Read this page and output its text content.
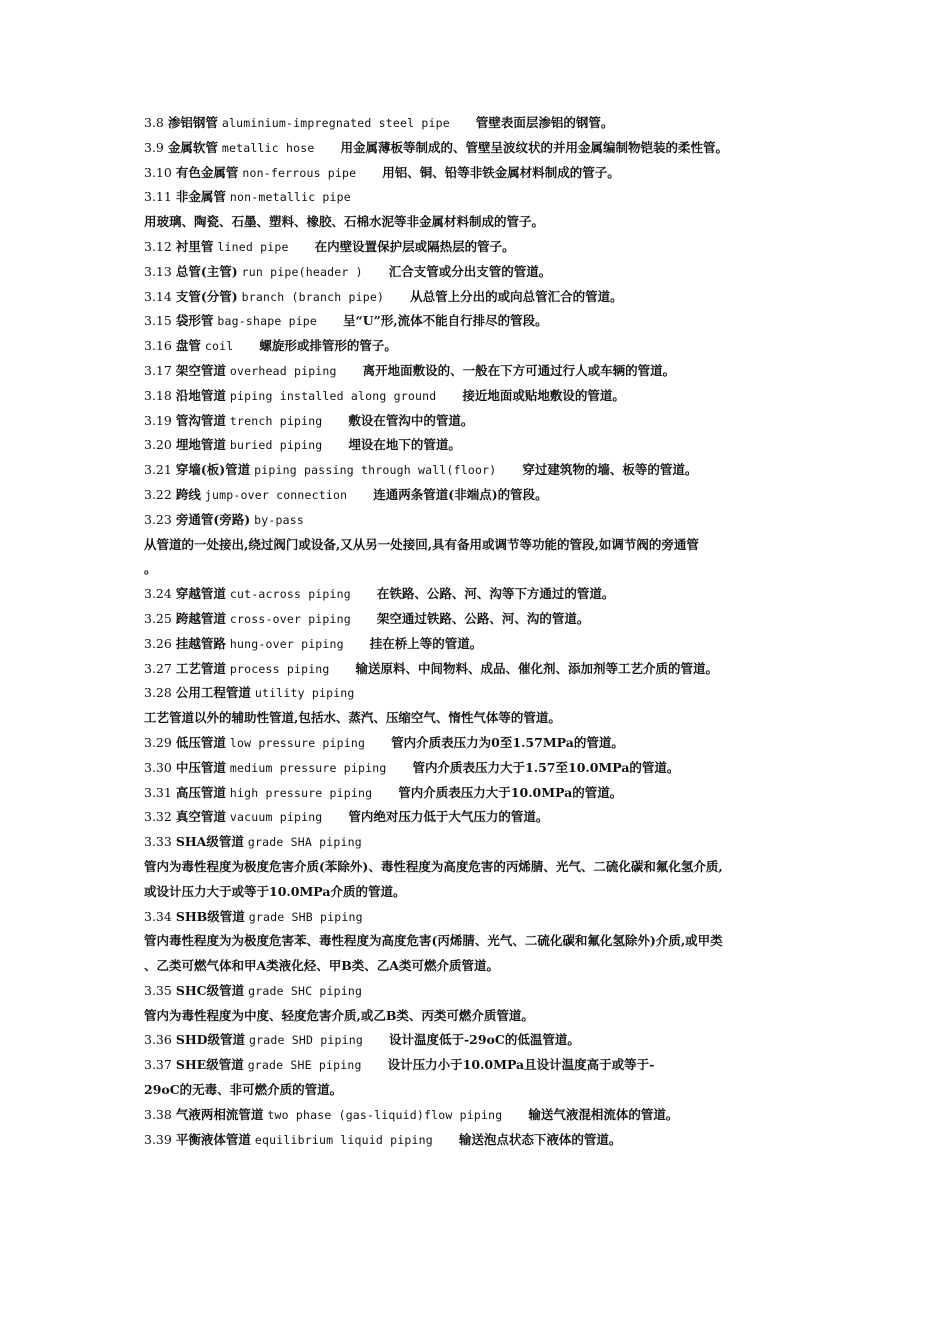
3.8 渗铝钢管 aluminium-impregnated steel pipe 管壁表面层渗铝的钢管。
3.9 金属软管 metallic hose 用金属薄板等制成的、管壁呈波纹状的并用金属编制物铠装的柔性管。
3.10 有色金属管 non-ferrous pipe 用铝、铜、铅等非铁金属材料制成的管子。
3.11 非金属管 non-metallic pipe
用玻璃、陶瓷、石墨、塑料、橡胶、石棉水泥等非金属材料制成的管子。
3.12 衬里管 lined pipe 在内壁设置保护层或隔热层的管子。
3.13 总管(主管) run pipe(header ) 汇合支管或分出支管的管道。
3.14 支管(分管) branch (branch pipe) 从总管上分出的或向总管汇合的管道。
3.15 袋形管 bag-shape pipe 呈“U”形,流体不能自行排尽的管段。
3.16 盘管 coil 螺旋形或排管形的管子。
3.17 架空管道 overhead piping 离开地面敷设的、一般在下方可通过行人或车辆的管道。
3.18 沿地管道 piping installed along ground 接近地面或贴地敷设的管道。
3.19 管沟管道 trench piping 敷设在管沟中的管道。
3.20 埋地管道 buried piping 埋设在地下的管道。
3.21 穿墙(板)管道 piping passing through wall(floor) 穿过建筑物的墙、板等的管道。
3.22 跨线 jump-over connection 连通两条管道(非端点)的管段。
3.23 旁通管(旁路) by-pass
从管道的一处接出,绕过阀门或设备,又从另一处接回,具有备用或调节等功能的管段,如调节阀的旁通管
。
3.24 穿越管道 cut-across piping 在铁路、公路、河、沟等下方通过的管道。
3.25 跨越管道 cross-over piping 架空通过铁路、公路、河、沟的管道。
3.26 挂越管路 hung-over piping 挂在桥上等的管道。
3.27 工艺管道 process piping 输送原料、中间物料、成品、催化剂、添加剂等工艺介质的管道。
3.28 公用工程管道 utility piping
工艺管道以外的辅助性管道,包括水、蒸汽、压缩空气、惰性气体等的管道。
3.29 低压管道 low pressure piping 管内介质表压力为0至1.57MPa的管道。
3.30 中压管道 medium pressure piping 管内介质表压力大于1.57至10.0MPa的管道。
3.31 高压管道 high pressure piping 管内介质表压力大于10.0MPa的管道。
3.32 真空管道 vacuum piping 管内绝对压力低于大气压力的管道。
3.33 SHA级管道 grade SHA piping
管内为毒性程度为极度危害介质(苯除外)、毒性程度为高度危害的丙烯腈、光气、二硫化碳和氟化氢介质,
或设计压力大于或等于10.0MPa介质的管道。
3.34 SHB级管道 grade SHB piping
管内毒性程度为为极度危害苯、毒性程度为高度危害(丙烯腈、光气、二硫化碳和氟化氢除外)介质,或甲类
、乙类可燃气体和甲A类液化烃、甲B类、乙A类可燃介质管道。
3.35 SHC级管道 grade SHC piping
管内为毒性程度为中度、轻度危害介质,或乙B类、丙类可燃介质管道。
3.36 SHD级管道 grade SHD piping 设计温度低于-29oC的低温管道。
3.37 SHE级管道 grade SHE piping 设计压力小于10.0MPa且设计温度高于或等于-
29oC的无毒、非可燃介质的管道。
3.38 气液两相流管道 two phase (gas-liquid)flow piping 输送气液混相流体的管道。
3.39 平衡液体管道 equilibrium liquid piping 输送泡点状态下液体的管道。
